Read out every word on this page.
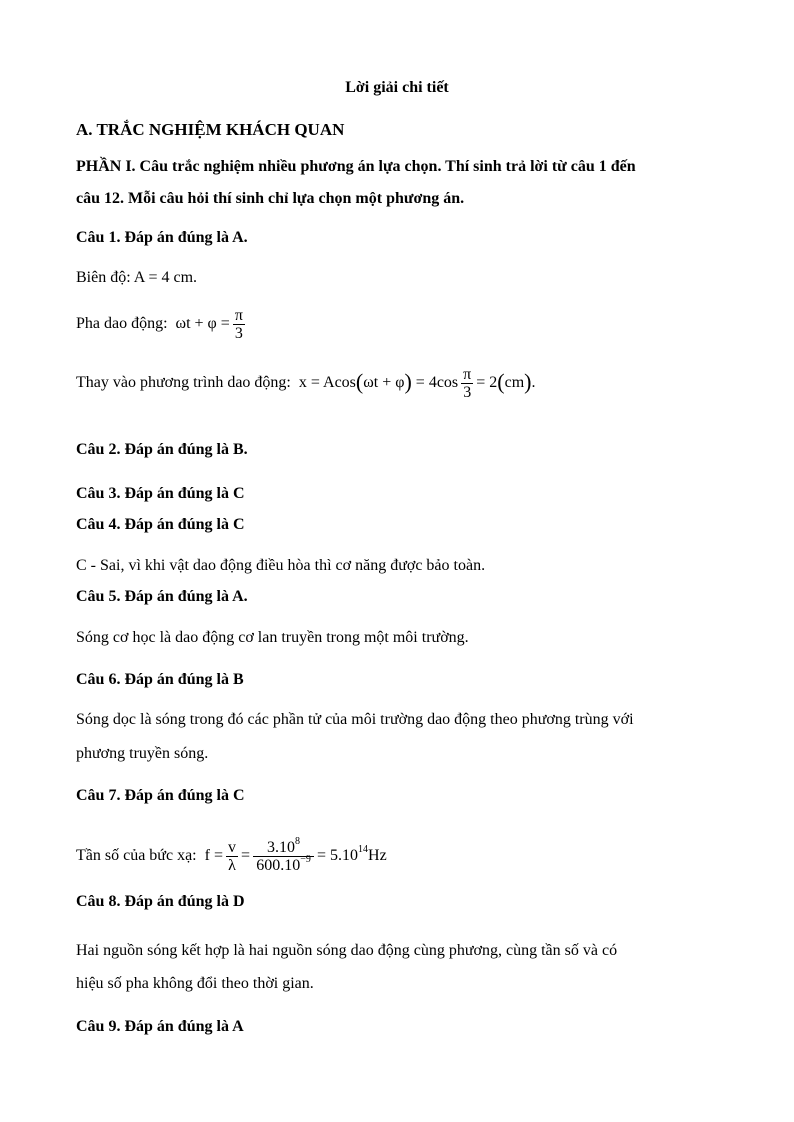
Lời giải chi tiết
A. TRẮC NGHIỆM KHÁCH QUAN
PHẦN I. Câu trắc nghiệm nhiều phương án lựa chọn. Thí sinh trả lời từ câu 1 đến
câu 12. Mỗi câu hỏi thí sinh chỉ lựa chọn một phương án.
Câu 1. Đáp án đúng là A.
Biên độ: A = 4 cm.
Pha dao động: $\omega t + \varphi = \frac{\pi}{3}$
Thay vào phương trình dao động: $x = Acos(\omega t + \varphi) = 4\cos \frac{\pi}{3} = 2(cm)$.
Câu 2. Đáp án đúng là B.
Câu 3. Đáp án đúng là C
Câu 4. Đáp án đúng là C
C - Sai, vì khi vật dao động điều hòa thì cơ năng được bảo toàn.
Câu 5. Đáp án đúng là A.
Sóng cơ học là dao động cơ lan truyền trong một môi trường.
Câu 6. Đáp án đúng là B
Sóng dọc là sóng trong đó các phần tử của môi trường dao động theo phương trùng với
phương truyền sóng.
Câu 7. Đáp án đúng là C
Tần số của bức xạ: $f = \frac{v}{\lambda} = \frac{3.10^8}{600.10^{-9}} = 5.10^{14}Hz$
Câu 8. Đáp án đúng là D
Hai nguồn sóng kết hợp là hai nguồn sóng dao động cùng phương, cùng tần số và có
hiệu số pha không đổi theo thời gian.
Câu 9. Đáp án đúng là A
